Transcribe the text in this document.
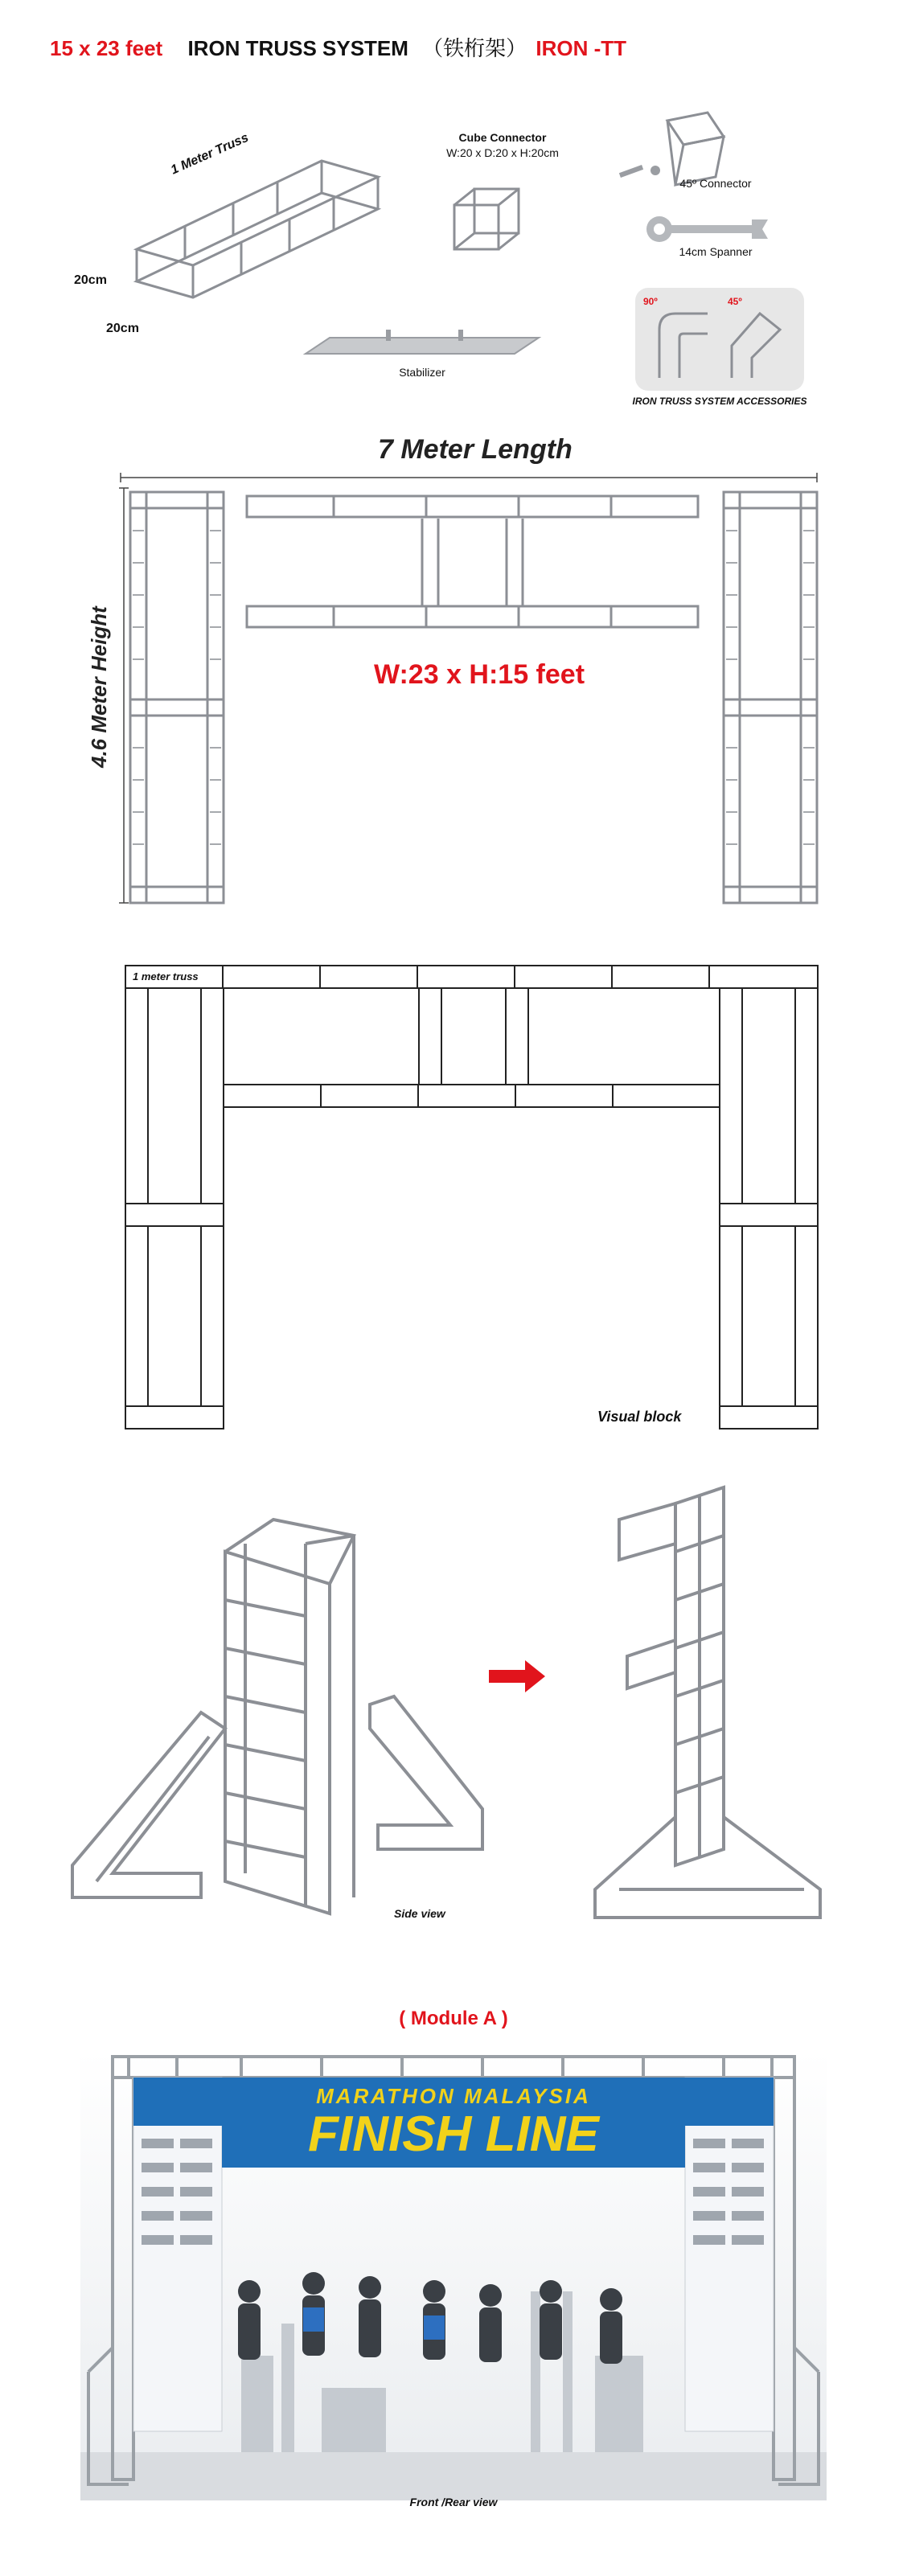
15 x 23 feet IRON TRUSS SYSTEM （铁桁架） IRON -TT
1 Meter Truss
20cm
20cm
Cube Connector
W:20 x D:20 x H:20cm
Stabilizer
45º Connector
14cm Spanner
90º	45º
IRON TRUSS SYSTEM ACCESSORIES
7 Meter Length
4.6 Meter Height	W:23 x H:15 feet
1 meter truss
Visual block
Side view
( Module A )
MARATHON MALAYSIA
FINISH LINE
Front /Rear view
